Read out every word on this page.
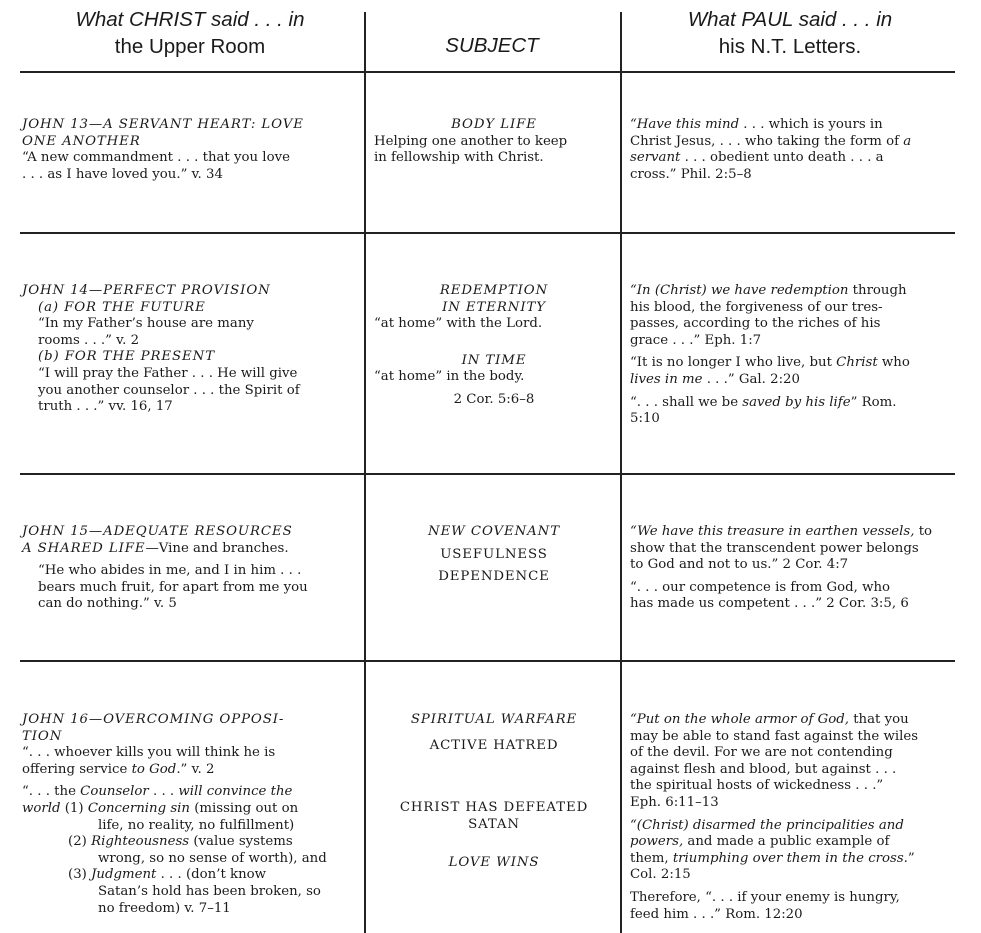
What CHRIST said . . . in
the Upper Room	SUBJECT
What PAUL said . . . in
his N.T. Letters.
JOHN 13—A SERVANT HEART: LOVE
ONE ANOTHER
“A new commandment . . . that you love
. . . as I have loved you.” v. 34
BODY LIFE
Helping one another to keep
in fellowship with Christ.
“Have this mind . . . which is yours in
Christ Jesus, . . . who taking the form of a
servant . . . obedient unto death . . . a
cross.” Phil. 2:5–8
JOHN 14—PERFECT PROVISION
(a) FOR THE FUTURE
“In my Father’s house are many
rooms . . .” v. 2
(b) FOR THE PRESENT
“I will pray the Father . . . He will give
you another counselor . . . the Spirit of
truth . . .” vv. 16, 17
REDEMPTION
IN ETERNITY
“at home” with the Lord.
IN TIME
“at home” in the body.
2 Cor. 5:6–8
“In (Christ) we have redemption through
his blood, the forgiveness of our tres-
passes, according to the riches of his
grace . . .” Eph. 1:7
“It is no longer I who live, but Christ who
lives in me . . .” Gal. 2:20
“. . . shall we be saved by his life” Rom.
5:10
JOHN 15—ADEQUATE RESOURCES
A SHARED LIFE—Vine and branches.
“He who abides in me, and I in him . . .
bears much fruit, for apart from me you
can do nothing.” v. 5
NEW COVENANT
USEFULNESS
DEPENDENCE
“We have this treasure in earthen vessels, to
show that the transcendent power belongs
to God and not to us.” 2 Cor. 4:7
“. . . our competence is from God, who
has made us competent . . .” 2 Cor. 3:5, 6
JOHN 16—OVERCOMING OPPOSI-
TION
“. . . whoever kills you will think he is
offering service to God.” v. 2
“. . . the Counselor . . . will convince the
world (1) Concerning sin (missing out on
life, no reality, no fulfillment)
(2) Righteousness (value systems
wrong, so no sense of worth), and
(3) Judgment . . . (don’t know
Satan’s hold has been broken, so
no freedom) v. 7–11
SPIRITUAL WARFARE
ACTIVE HATRED
CHRIST HAS DEFEATED
SATAN
LOVE WINS
“Put on the whole armor of God, that you
may be able to stand fast against the wiles
of the devil. For we are not contending
against flesh and blood, but against . . .
the spiritual hosts of wickedness . . .”
Eph. 6:11–13
“(Christ) disarmed the principalities and
powers, and made a public example of
them, triumphing over them in the cross.”
Col. 2:15
Therefore, “. . . if your enemy is hungry,
feed him . . .” Rom. 12:20
